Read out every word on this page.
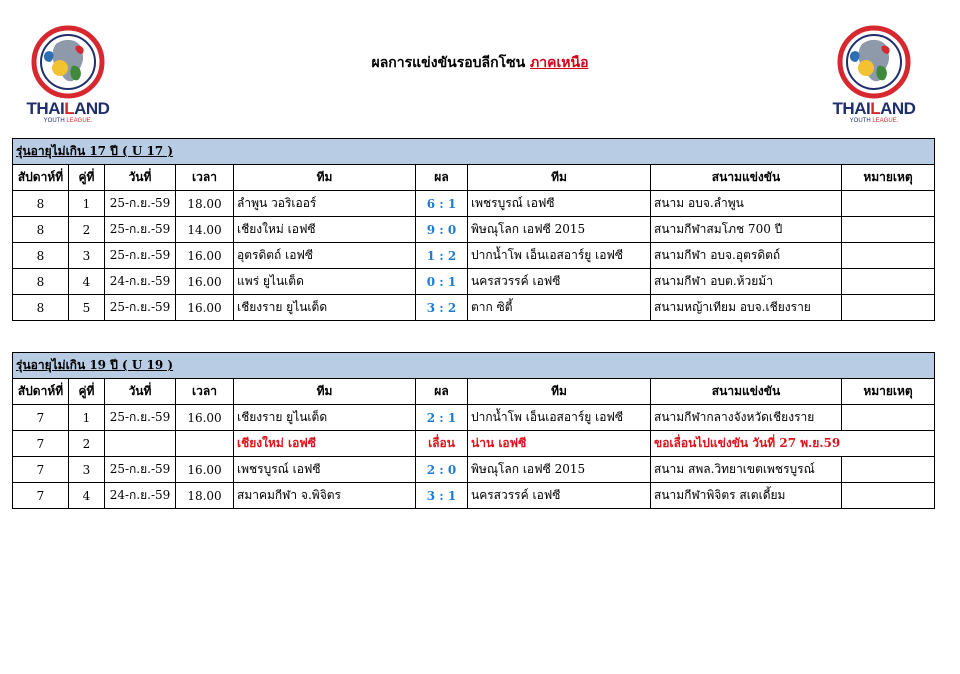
THAILAND
YOUTH LEAGUE.
THAILAND
YOUTH LEAGUE.
ผลการแข่งขันรอบลีกโซน ภาคเหนือ
รุ่นอายุไม่เกิน 17 ปี ( U 17 )								
สัปดาห์ที่	คู่ที่	วันที่	เวลา	ทีม	ผล	ทีม	สนามแข่งขัน	หมายเหตุ
8	1	25-ก.ย.-59	18.00	ลำพูน วอริเออร์	6 : 1	เพชรบูรณ์ เอฟซี	สนาม อบจ.ลำพูน	
8	2	25-ก.ย.-59	14.00	เชียงใหม่ เอฟซี	9 : 0	พิษณุโลก เอฟซี 2015	สนามกีฬาสมโภช 700 ปี	
8	3	25-ก.ย.-59	16.00	อุตรดิตถ์ เอฟซี	1 : 2	ปากน้ำโพ เอ็นเอสอาร์ยู เอฟซี	สนามกีฬา อบจ.อุตรดิตถ์	
8	4	24-ก.ย.-59	16.00	แพร่ ยูไนเต็ด	0 : 1	นครสวรรค์ เอฟซี	สนามกีฬา อบต.ห้วยม้า	
8	5	25-ก.ย.-59	16.00	เชียงราย ยูไนเต็ด	3 : 2	ตาก ซิตี้	สนามหญ้าเทียม อบจ.เชียงราย	
รุ่นอายุไม่เกิน 19 ปี ( U 19 )								
สัปดาห์ที่	คู่ที่	วันที่	เวลา	ทีม	ผล	ทีม	สนามแข่งขัน	หมายเหตุ
7	1	25-ก.ย.-59	16.00	เชียงราย ยูไนเต็ด	2 : 1	ปากน้ำโพ เอ็นเอสอาร์ยู เอฟซี	สนามกีฬากลางจังหวัดเชียงราย	
7	2			เชียงใหม่ เอฟซี	เลื่อน	น่าน เอฟซี	ขอเลื่อนไปแข่งขัน วันที่ 27 พ.ย.59	
7	3	25-ก.ย.-59	16.00	เพชรบูรณ์ เอฟซี	2 : 0	พิษณุโลก เอฟซี 2015	สนาม สพล.วิทยาเขตเพชรบูรณ์	
7	4	24-ก.ย.-59	18.00	สมาคมกีฬา จ.พิจิตร	3 : 1	นครสวรรค์ เอฟซี	สนามกีฬาพิจิตร สเตเดี้ยม	
